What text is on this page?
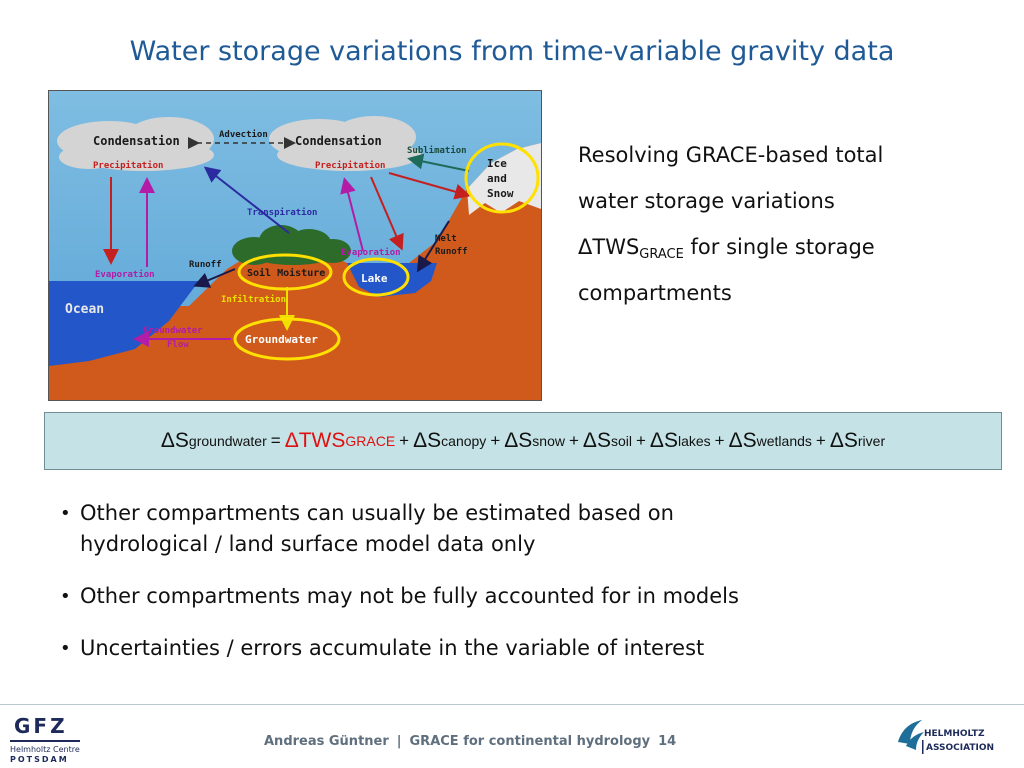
Water storage variations from time-variable gravity data
Condensation	Condensation
Advection
Precipitation	Precipitation
Sublimation
Ice
and
Snow
Transpiration
Melt
Runoff
Evaporation
Runoff
Soil Moisture	Lake
Evaporation
Infiltration
Ocean
Groundwater
Flow	Groundwater
Resolving GRACE-based total
water storage variations
$\Delta TWS_{GRACE}$ for single storage
compartments
ΔS groundwater = ΔTWS GRACE + ΔS canopy + ΔS snow + ΔS soil + ΔS lakes + ΔS wetlands + ΔS river
• Other compartments can usually be estimated based on
hydrological / land surface model data only
• Other compartments may not be fully accounted for in models
• Uncertainties / errors accumulate in the variable of interest
GFZ
Helmholtz Centre
POTSDAM
Andreas Güntner | GRACE for continental hydrology 14	HELMHOLTZ
ASSOCIATION
